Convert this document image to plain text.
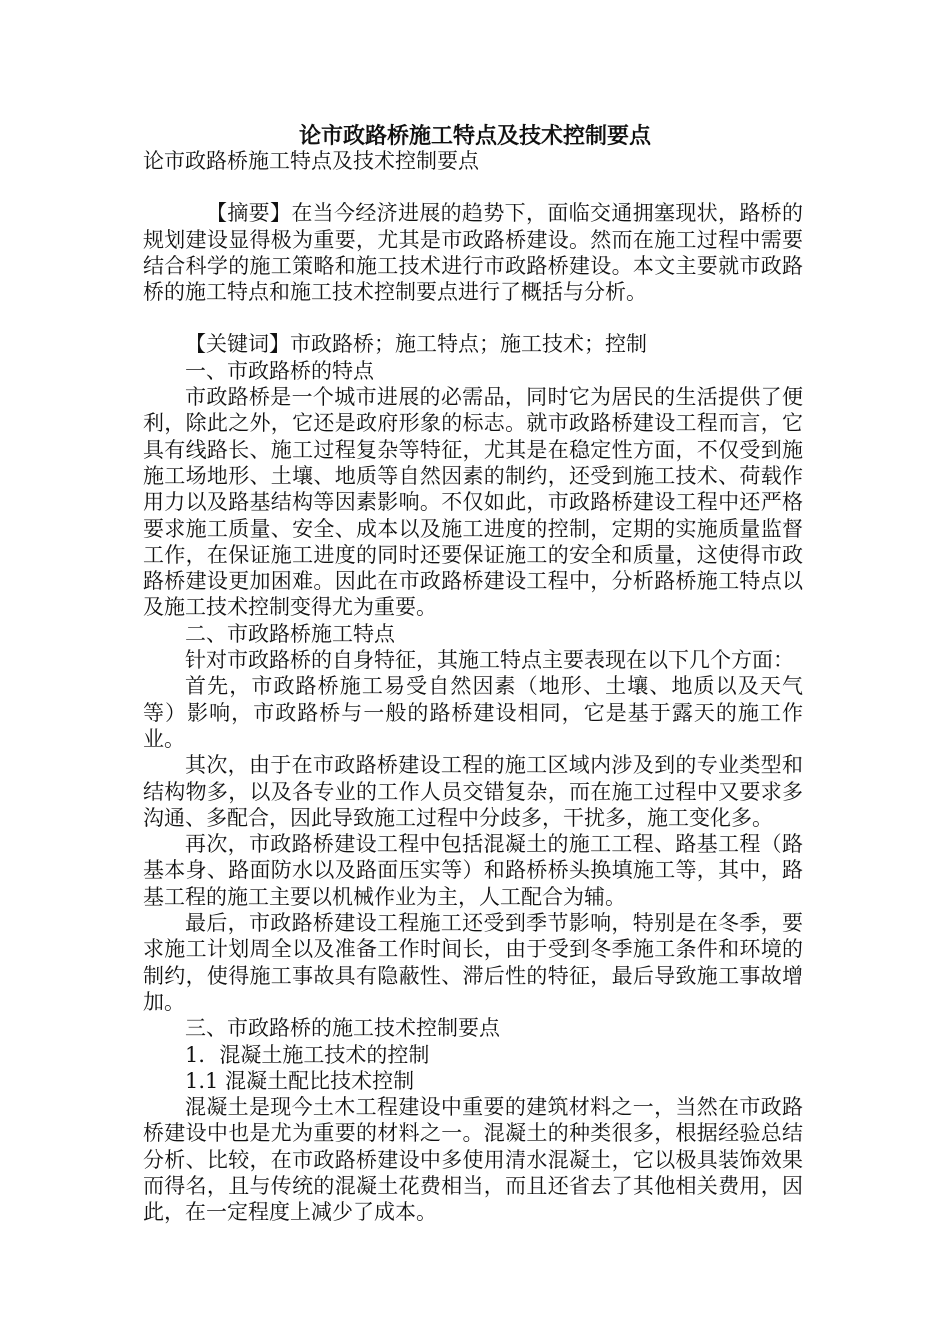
论市政路桥施工特点及技术控制要点

论市政路桥施工特点及技术控制要点

【摘要】在当今经济进展的趋势下，面临交通拥塞现状，路桥的规划建设显得极为重要，尤其是市政路桥建设。然而在施工过程中需要结合科学的施工策略和施工技术进行市政路桥建设。本文主要就市政路桥的施工特点和施工技术控制要点进行了概括与分析。

【关键词】市政路桥；施工特点；施工技术；控制

一、市政路桥的特点

市政路桥是一个城市进展的必需品，同时它为居民的生活提供了便利，除此之外，它还是政府形象的标志。就市政路桥建设工程而言，它具有线路长、施工过程复杂等特征，尤其是在稳定性方面，不仅受到施施工场地形、土壤、地质等自然因素的制约，还受到施工技术、荷载作用力以及路基结构等因素影响。不仅如此，市政路桥建设工程中还严格要求施工质量、安全、成本以及施工进度的控制，定期的实施质量监督工作，在保证施工进度的同时还要保证施工的安全和质量，这使得市政路桥建设更加困难。因此在市政路桥建设工程中，分析路桥施工特点以及施工技术控制变得尤为重要。

二、市政路桥施工特点

针对市政路桥的自身特征，其施工特点主要表现在以下几个方面：

首先，市政路桥施工易受自然因素（地形、土壤、地质以及天气等）影响，市政路桥与一般的路桥建设相同，它是基于露天的施工作业。

其次，由于在市政路桥建设工程的施工区域内涉及到的专业类型和结构物多，以及各专业的工作人员交错复杂，而在施工过程中又要求多沟通、多配合，因此导致施工过程中分歧多，干扰多，施工变化多。

再次，市政路桥建设工程中包括混凝土的施工工程、路基工程（路基本身、路面防水以及路面压实等）和路桥桥头换填施工等，其中，路基工程的施工主要以机械作业为主，人工配合为辅。

最后，市政路桥建设工程施工还受到季节影响，特别是在冬季，要求施工计划周全以及准备工作时间长，由于受到冬季施工条件和环境的制约，使得施工事故具有隐蔽性、滞后性的特征，最后导致施工事故增加。

三、市政路桥的施工技术控制要点

1．混凝土施工技术的控制

1.1 混凝土配比技术控制

混凝土是现今土木工程建设中重要的建筑材料之一，当然在市政路桥建设中也是尤为重要的材料之一。混凝土的种类很多，根据经验总结分析、比较，在市政路桥建设中多使用清水混凝土，它以极具装饰效果而得名，且与传统的混凝土花费相当，而且还省去了其他相关费用，因此，在一定程度上减少了成本。
